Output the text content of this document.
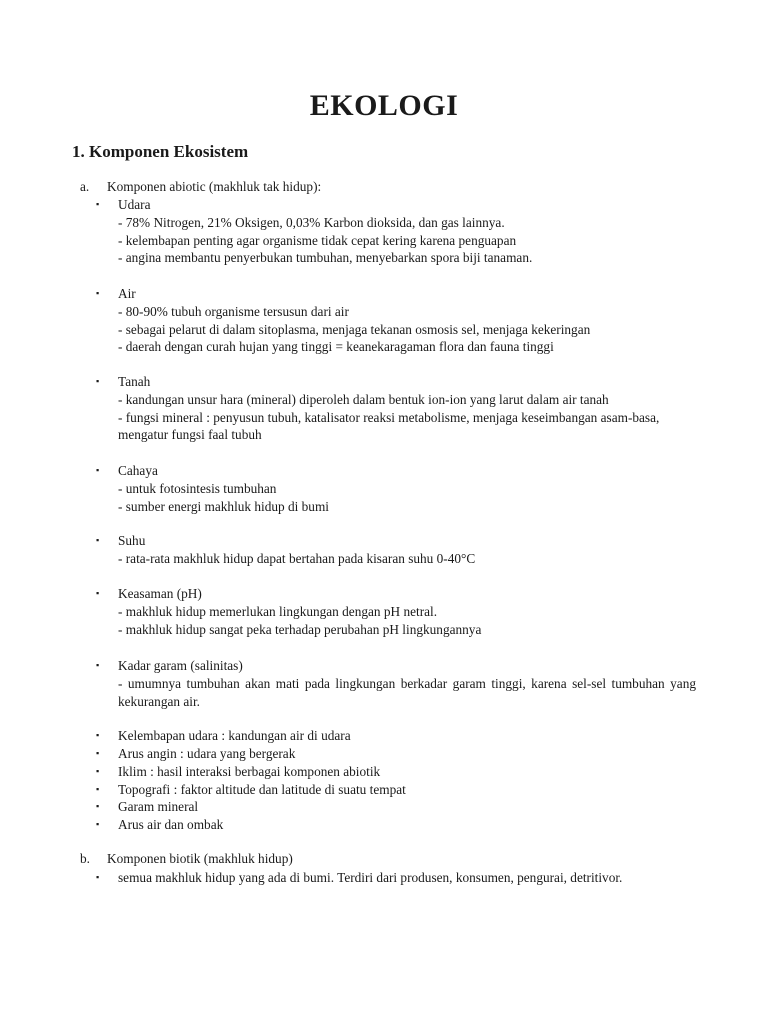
EKOLOGI
1. Komponen Ekosistem
a. Komponen abiotic (makhluk tak hidup):
▪ Udara
- 78% Nitrogen, 21% Oksigen, 0,03% Karbon dioksida, dan gas lainnya.
- kelembapan penting agar organisme tidak cepat kering karena penguapan
- angina membantu penyerbukan tumbuhan, menyebarkan spora biji tanaman.
▪ Air
- 80-90% tubuh organisme tersusun dari air
- sebagai pelarut di dalam sitoplasma, menjaga tekanan osmosis sel, menjaga kekeringan
- daerah dengan curah hujan yang tinggi = keanekaragaman flora dan fauna tinggi
▪ Tanah
- kandungan unsur hara (mineral) diperoleh dalam bentuk ion-ion yang larut dalam air tanah
- fungsi mineral : penyusun tubuh, katalisator reaksi metabolisme, menjaga keseimbangan asam-basa, mengatur fungsi faal tubuh
▪ Cahaya
- untuk fotosintesis tumbuhan
- sumber energi makhluk hidup di bumi
▪ Suhu
- rata-rata makhluk hidup dapat bertahan pada kisaran suhu 0-40°C
▪ Keasaman (pH)
- makhluk hidup memerlukan lingkungan dengan pH netral.
- makhluk hidup sangat peka terhadap perubahan pH lingkungannya
▪ Kadar garam (salinitas)
- umumnya tumbuhan akan mati pada lingkungan berkadar garam tinggi, karena sel-sel tumbuhan yang kekurangan air.
▪ Kelembapan udara : kandungan air di udara
▪ Arus angin : udara yang bergerak
▪ Iklim : hasil interaksi berbagai komponen abiotik
▪ Topografi : faktor altitude dan latitude di suatu tempat
▪ Garam mineral
▪ Arus air dan ombak
b. Komponen biotik (makhluk hidup)
▪ semua makhluk hidup yang ada di bumi. Terdiri dari produsen, konsumen, pengurai, detritivor.
